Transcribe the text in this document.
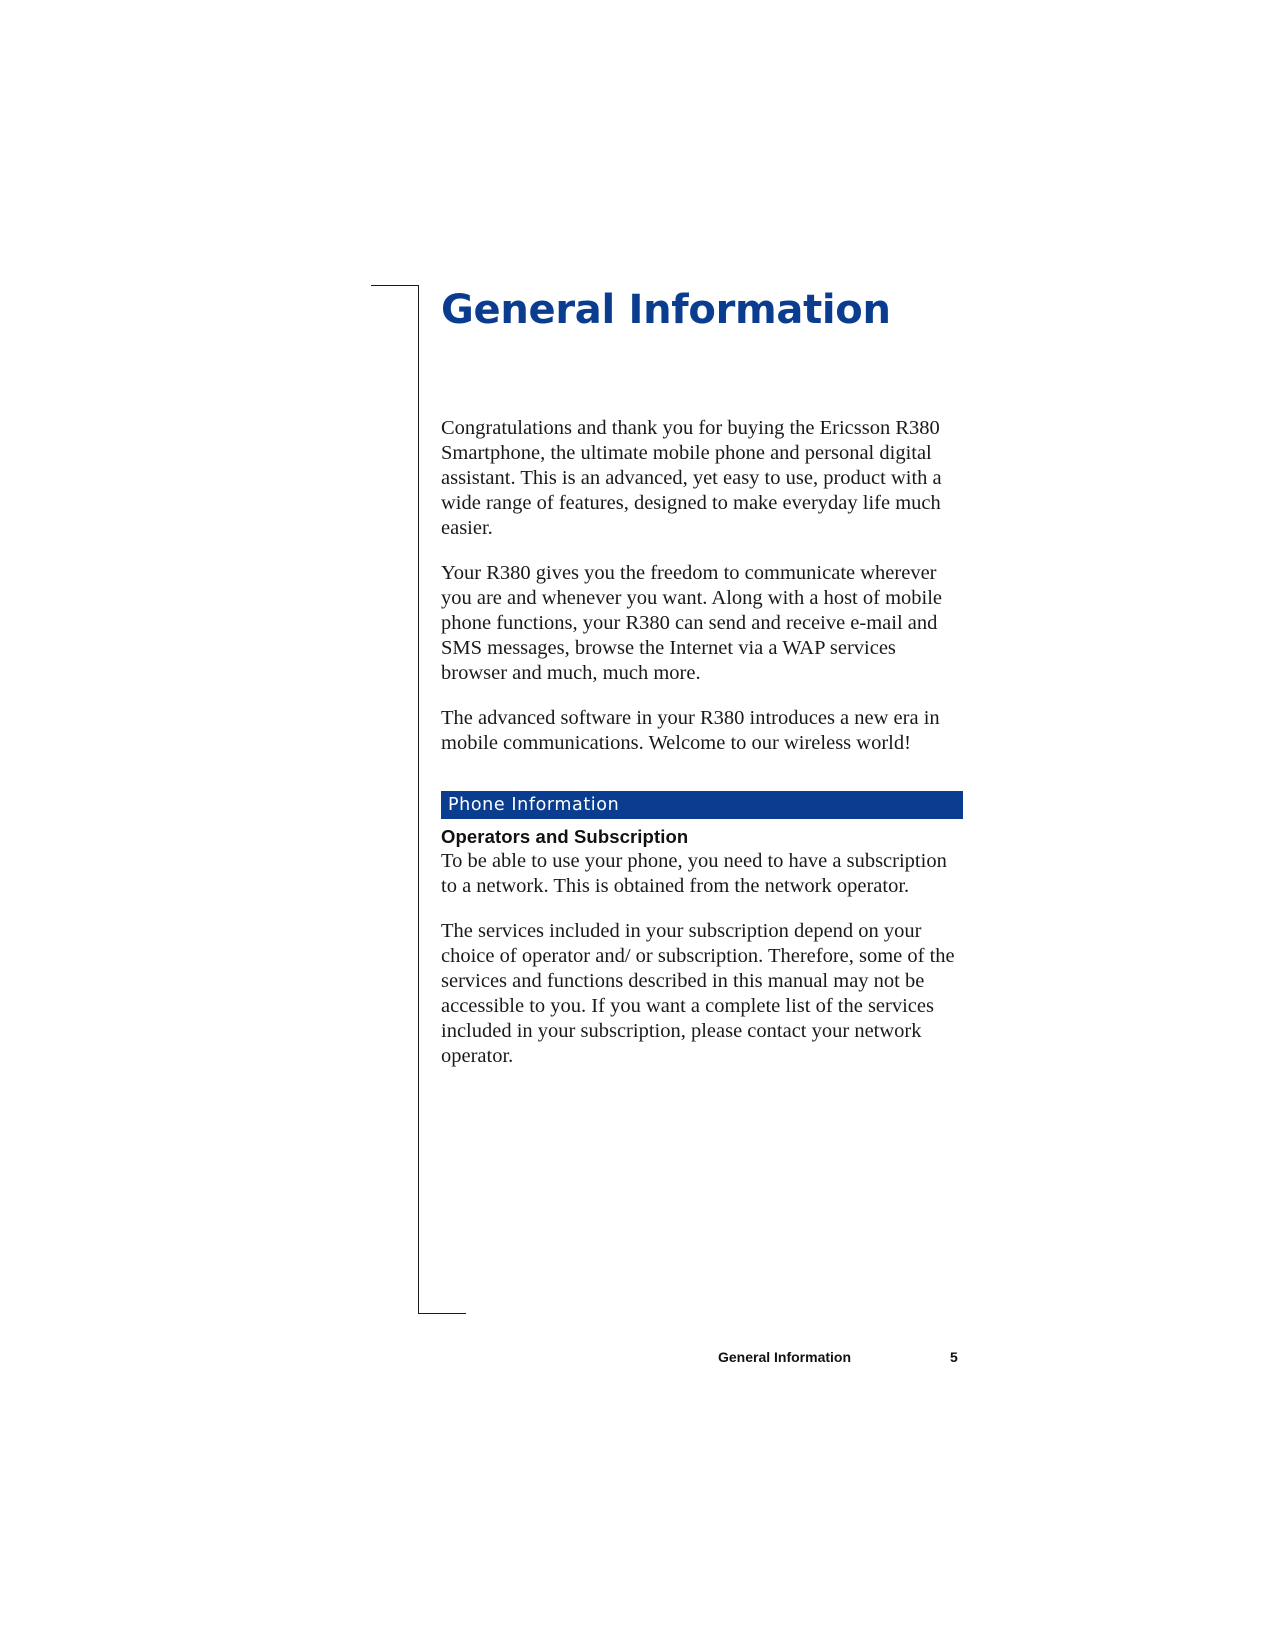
General Information

Congratulations and thank you for buying the Ericsson R380 Smartphone, the ultimate mobile phone and personal digital assistant. This is an advanced, yet easy to use, product with a wide range of features, designed to make everyday life much easier.

Your R380 gives you the freedom to communicate wherever you are and whenever you want. Along with a host of mobile phone functions, your R380 can send and receive e-mail and SMS messages, browse the Internet via a WAP services browser and much, much more.

The advanced software in your R380 introduces a new era in mobile communications. Welcome to our wireless world!

Phone Information
Operators and Subscription

To be able to use your phone, you need to have a subscription to a network. This is obtained from the network operator.

The services included in your subscription depend on your choice of operator and/ or subscription. Therefore, some of the services and functions described in this manual may not be accessible to you. If you want a complete list of the services included in your subscription, please contact your network operator.

General Information	5
